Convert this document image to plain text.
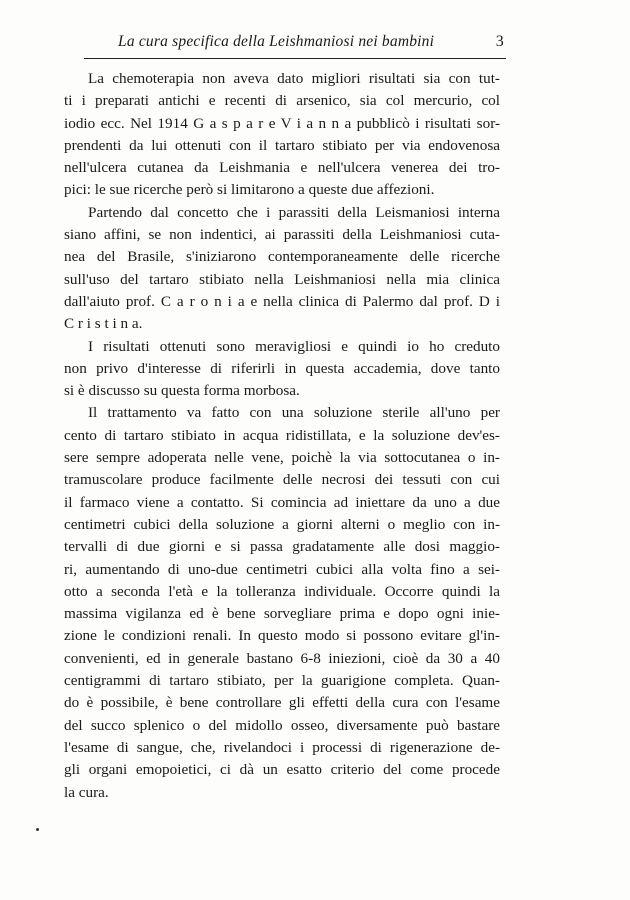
La cura specifica della Leishmaniosi nei bambini	3
La chemoterapia non aveva dato migliori risultati sia con tut-
ti i preparati antichi e recenti di arsenico, sia col mercurio, col
iodio ecc. Nel 1914 G a s p a r e V i a n n a pubblicò i risultati sor-
prendenti da lui ottenuti con il tartaro stibiato per via endovenosa
nell'ulcera cutanea da Leishmania e nell'ulcera venerea dei tro-
pici: le sue ricerche però si limitarono a queste due affezioni.
Partendo dal concetto che i parassiti della Leismaniosi interna
siano affini, se non indentici, ai parassiti della Leishmaniosi cuta-
nea del Brasile, s'iniziarono contemporaneamente delle ricerche
sull'uso del tartaro stibiato nella Leishmaniosi nella mia clinica
dall'aiuto prof. C a r o n i a e nella clinica di Palermo dal prof. D i
C r i s t i n a.
I risultati ottenuti sono meravigliosi e quindi io ho creduto
non privo d'interesse di riferirli in questa accademia, dove tanto
si è discusso su questa forma morbosa.
Il trattamento va fatto con una soluzione sterile all'uno per
cento di tartaro stibiato in acqua ridistillata, e la soluzione dev'es-
sere sempre adoperata nelle vene, poichè la via sottocutanea o in-
tramuscolare produce facilmente delle necrosi dei tessuti con cui
il farmaco viene a contatto. Si comincia ad iniettare da uno a due
centimetri cubici della soluzione a giorni alterni o meglio con in-
tervalli di due giorni e si passa gradatamente alle dosi maggio-
ri, aumentando di uno-due centimetri cubici alla volta fino a sei-
otto a seconda l'età e la tolleranza individuale. Occorre quindi la
massima vigilanza ed è bene sorvegliare prima e dopo ogni inie-
zione le condizioni renali. In questo modo si possono evitare gl'in-
convenienti, ed in generale bastano 6-8 iniezioni, cioè da 30 a 40
centigrammi di tartaro stibiato, per la guarigione completa. Quan-
do è possibile, è bene controllare gli effetti della cura con l'esame
del succo splenico o del midollo osseo, diversamente può bastare
l'esame di sangue, che, rivelandoci i processi di rigenerazione de-
gli organi emopoietici, ci dà un esatto criterio del come procede
la cura.
